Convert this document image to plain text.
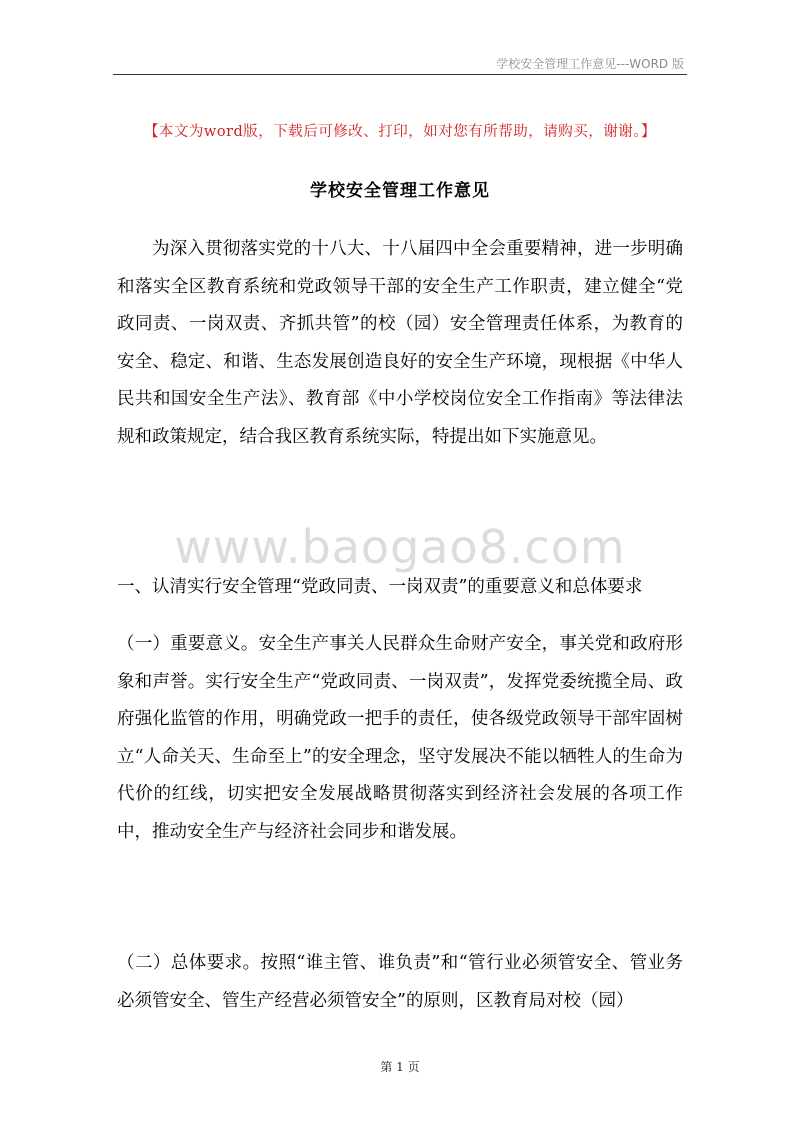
学校安全管理工作意见---WORD 版
【本文为word版，下载后可修改、打印，如对您有所帮助，请购买，谢谢。】
学校安全管理工作意见

为深入贯彻落实党的十八大、十八届四中全会重要精神，进一步明确和落实全区教育系统和党政领导干部的安全生产工作职责，建立健全“党政同责、一岗双责、齐抓共管”的校（园）安全管理责任体系，为教育的安全、稳定、和谐、生态发展创造良好的安全生产环境，现根据《中华人民共和国安全生产法》、教育部《中小学校岗位安全工作指南》等法律法规和政策规定，结合我区教育系统实际，特提出如下实施意见。

www.baogao8.com

一、认清实行安全管理“党政同责、一岗双责”的重要意义和总体要求

（一）重要意义。安全生产事关人民群众生命财产安全，事关党和政府形象和声誉。实行安全生产“党政同责、一岗双责”，发挥党委统揽全局、政府强化监管的作用，明确党政一把手的责任，使各级党政领导干部牢固树立“人命关天、生命至上”的安全理念，坚守发展决不能以牺牲人的生命为代价的红线，切实把安全发展战略贯彻落实到经济社会发展的各项工作中，推动安全生产与经济社会同步和谐发展。

（二）总体要求。按照“谁主管、谁负责”和“管行业必须管安全、管业务必须管安全、管生产经营必须管安全”的原则，区教育局对校（园）

第 1 页
